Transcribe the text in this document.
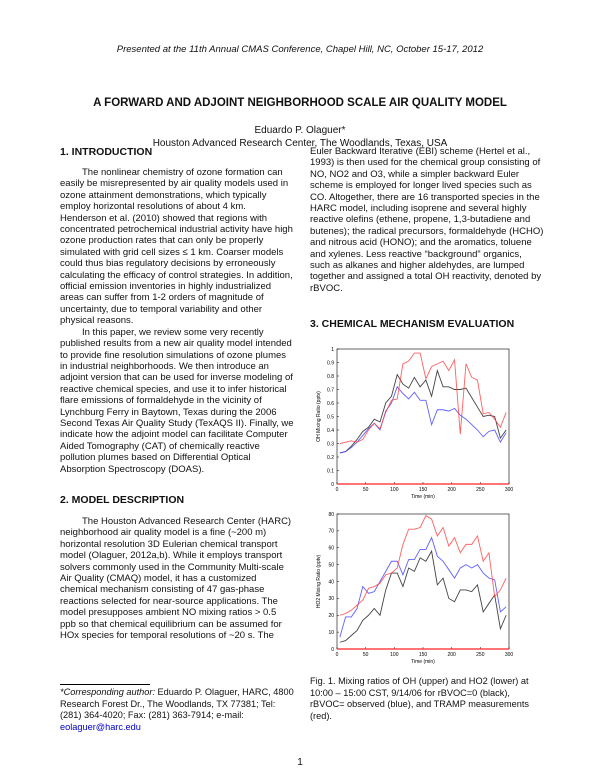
Presented at the 11th Annual CMAS Conference, Chapel Hill, NC, October 15-17, 2012
A FORWARD AND ADJOINT NEIGHBORHOOD SCALE AIR QUALITY MODEL
Eduardo P. Olaguer*
Houston Advanced Research Center, The Woodlands, Texas, USA
1. INTRODUCTION

The nonlinear chemistry of ozone formation can easily be misrepresented by air quality models used in ozone attainment demonstrations, which typically employ horizontal resolutions of about 4 km. Henderson et al. (2010) showed that regions with concentrated petrochemical industrial activity have high ozone production rates that can only be properly simulated with grid cell sizes ≤ 1 km. Coarser models could thus bias regulatory decisions by erroneously calculating the efficacy of control strategies. In addition, official emission inventories in highly industrialized areas can suffer from 1-2 orders of magnitude of uncertainty, due to temporal variability and other physical reasons.

In this paper, we review some very recently published results from a new air quality model intended to provide fine resolution simulations of ozone plumes in industrial neighborhoods. We then introduce an adjoint version that can be used for inverse modeling of reactive chemical species, and use it to infer historical flare emissions of formaldehyde in the vicinity of Lynchburg Ferry in Baytown, Texas during the 2006 Second Texas Air Quality Study (TexAQS II). Finally, we indicate how the adjoint model can facilitate Computer Aided Tomography (CAT) of chemically reactive pollution plumes based on Differential Optical Absorption Spectroscopy (DOAS).

2. MODEL DESCRIPTION

The Houston Advanced Research Center (HARC) neighborhood air quality model is a fine (~200 m) horizontal resolution 3D Eulerian chemical transport model (Olaguer, 2012a,b). While it employs transport solvers commonly used in the Community Multi-scale Air Quality (CMAQ) model, it has a customized chemical mechanism consisting of 47 gas-phase reactions selected for near-source applications. The model presupposes ambient NO mixing ratios > 0.5 ppb so that chemical equilibrium can be assumed for HOx species for temporal resolutions of ~20 s. The

*Corresponding author: Eduardo P. Olaguer, HARC, 4800 Research Forest Dr., The Woodlands, TX 77381; Tel: (281) 364-4020; Fax: (281) 363-7914; e-mail: eolaguer@harc.edu

Euler Backward Iterative (EBI) scheme (Hertel et al., 1993) is then used for the chemical group consisting of NO, NO2 and O3, while a simpler backward Euler scheme is employed for longer lived species such as CO. Altogether, there are 16 transported species in the HARC model, including isoprene and several highly reactive olefins (ethene, propene, 1,3-butadiene and butenes); the radical precursors, formaldehyde (HCHO) and nitrous acid (HONO); and the aromatics, toluene and xylenes. Less reactive “background” organics, such as alkanes and higher aldehydes, are lumped together and assigned a total OH reactivity, denoted by rBVOC.

3. CHEMICAL MECHANISM EVALUATION
0	50	100	150	200	250	300
0
0.1
0.2
0.3
0.4
0.5
0.6
0.7
0.8
0.9
1
Time (min)
OH Mixing Ratio (pptv)
0	50	100	150	200	250	300
0
10
20
30
40
50
60
70
80
Time (min)
HO2 Mixing Ratio (pptv)
Fig. 1. Mixing ratios of OH (upper) and HO2 (lower) at 10:00 – 15:00 CST, 9/14/06 for rBVOC=0 (black), rBVOC= observed (blue), and TRAMP measurements (red).
1
